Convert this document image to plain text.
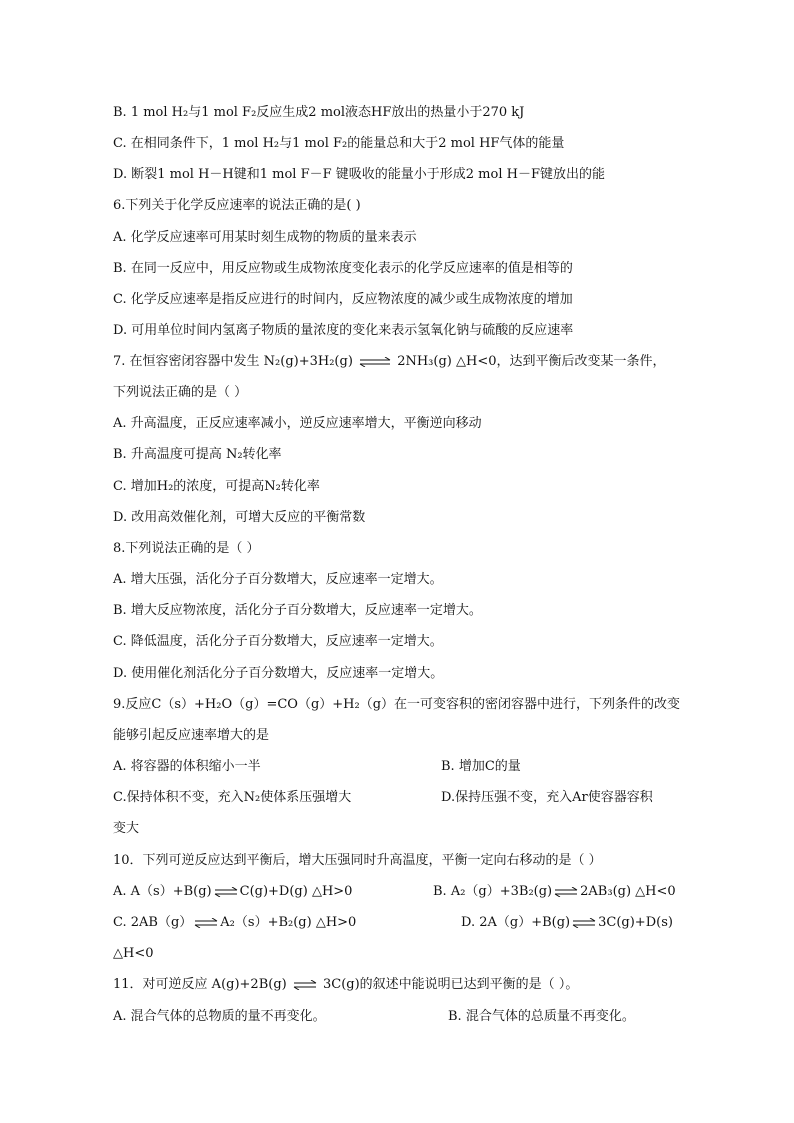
B. 1 mol H₂与1 mol F₂反应生成2 mol液态HF放出的热量小于270 kJ
C. 在相同条件下，1 mol H₂与1 mol F₂的能量总和大于2 mol HF气体的能量
D. 断裂1 mol H－H键和1 mol F－F 键吸收的能量小于形成2 mol H－F键放出的能
6.下列关于化学反应速率的说法正确的是( )
A. 化学反应速率可用某时刻生成物的物质的量来表示
B. 在同一反应中，用反应物或生成物浓度变化表示的化学反应速率的值是相等的
C. 化学反应速率是指反应进行的时间内，反应物浓度的减少或生成物浓度的增加
D. 可用单位时间内氢离子物质的量浓度的变化来表示氢氧化钠与硫酸的反应速率
7. 在恒容密闭容器中发生 N₂(g)+3H₂(g) ⇌ 2NH₃(g) △H<0，达到平衡后改变某一条件，
下列说法正确的是（ ）
A. 升高温度，正反应速率减小，逆反应速率增大，平衡逆向移动
B. 升高温度可提高 N₂转化率
C. 增加H₂的浓度，可提高N₂转化率
D. 改用高效催化剂，可增大反应的平衡常数
8.下列说法正确的是（ ）
A. 增大压强，活化分子百分数增大，反应速率一定增大。
B. 增大反应物浓度，活化分子百分数增大，反应速率一定增大。
C. 降低温度，活化分子百分数增大，反应速率一定增大。
D. 使用催化剂活化分子百分数增大，反应速率一定增大。
9.反应C（s）+H₂O（g）=CO（g）+H₂（g）在一可变容积的密闭容器中进行，下列条件的改变
能够引起反应速率增大的是
A. 将容器的体积缩小一半	B. 增加C的量
C.保持体积不变，充入N₂使体系压强增大	D.保持压强不变，充入Ar使容器容积
变大
10．下列可逆反应达到平衡后，增大压强同时升高温度，平衡一定向右移动的是（ ）
A. A（s）+B(g) ⇌ C(g)+D(g) △H>0	B. A₂（g）+3B₂(g) ⇌ 2AB₃(g) △H<0
C. 2AB（g） ⇌ A₂（s）+B₂(g) △H>0	D. 2A（g）+B(g) ⇌ 3C(g)+D(s)
△H<0
11．对可逆反应 A(g)+2B(g) ⇌ 3C(g)的叙述中能说明已达到平衡的是（ ）。
A. 混合气体的总物质的量不再变化。	B. 混合气体的总质量不再变化。
